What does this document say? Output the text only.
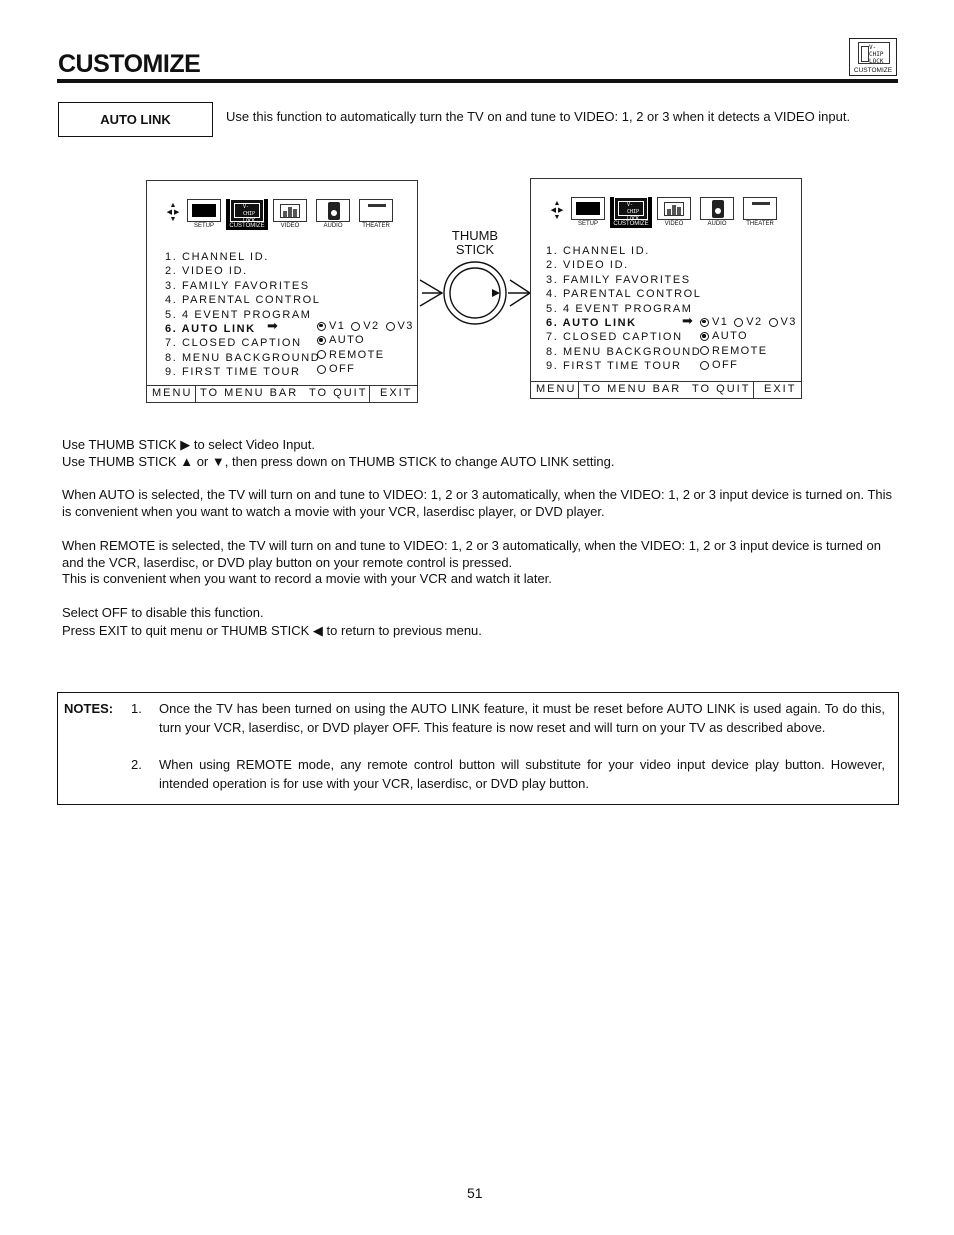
CUSTOMIZE
V-CHIP
LOCK
CUSTOMIZE
AUTO LINK	Use this function to automatically turn the TV on and tune to VIDEO: 1, 2 or 3 when it detects a VIDEO input.
▲
◀ ▶
▼
SETUP
V-CHIP
LOCK
CUSTOMIZE	VIDEO	AUDIO	THEATER
1. CHANNEL ID.
2. VIDEO ID.
3. FAMILY FAVORITES
4. PARENTAL CONTROL
5. 4 EVENT PROGRAM
6. AUTO LINK
7. CLOSED CAPTION
8. MENU BACKGROUND
9. FIRST TIME TOUR
➡	V1 V2 V3
AUTO
REMOTE
OFF
MENU TO MENU BAR TO QUIT EXIT
THUMB
STICK
▲
◀ ▶
▼
SETUP
V-CHIP
LOCK
CUSTOMIZE	VIDEO	AUDIO	THEATER
1. CHANNEL ID.
2. VIDEO ID.
3. FAMILY FAVORITES
4. PARENTAL CONTROL
5. 4 EVENT PROGRAM
6. AUTO LINK
7. CLOSED CAPTION
8. MENU BACKGROUND
9. FIRST TIME TOUR
➡ V1 V2 V3
AUTO
REMOTE
OFF
MENU TO MENU BAR TO QUIT EXIT
Use THUMB STICK ▶ to select Video Input.
Use THUMB STICK ▲ or ▼, then press down on THUMB STICK to change AUTO LINK setting.
When AUTO is selected, the TV will turn on and tune to VIDEO: 1, 2 or 3 automatically, when the VIDEO: 1, 2 or 3 input device is turned on. This is convenient when you want to watch a movie with your VCR, laserdisc player, or DVD player.
When REMOTE is selected, the TV will turn on and tune to VIDEO: 1, 2 or 3 automatically, when the VIDEO: 1, 2 or 3 input device is turned on and the VCR, laserdisc, or DVD play button on your remote control is pressed.
This is convenient when you want to record a movie with your VCR and watch it later.
Select OFF to disable this function.
Press EXIT to quit menu or THUMB STICK ◀ to return to previous menu.
NOTES: 1. Once the TV has been turned on using the AUTO LINK feature, it must be reset before AUTO LINK is used again. To do this, turn your VCR, laserdisc, or DVD player OFF. This feature is now reset and will turn on your TV as described above.
2. When using REMOTE mode, any remote control button will substitute for your video input device play button. However, intended operation is for use with your VCR, laserdisc, or DVD play button.
51
